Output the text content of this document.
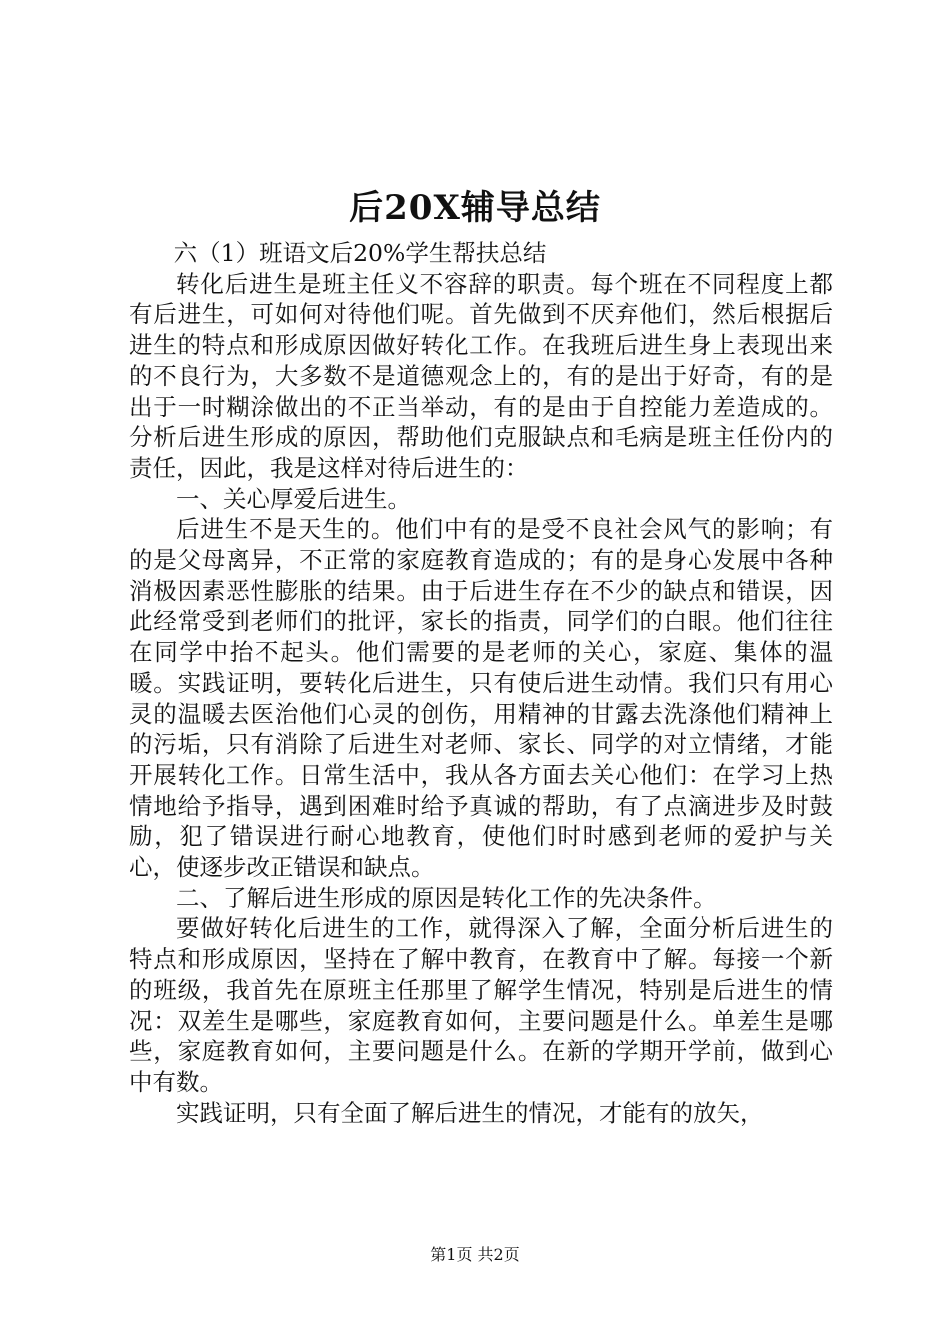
后20X辅导总结

六（1）班语文后20%学生帮扶总结

转化后进生是班主任义不容辞的职责。每个班在不同程度上都有后进生，可如何对待他们呢。首先做到不厌弃他们，然后根据后进生的特点和形成原因做好转化工作。在我班后进生身上表现出来的不良行为，大多数不是道德观念上的，有的是出于好奇，有的是出于一时糊涂做出的不正当举动，有的是由于自控能力差造成的。分析后进生形成的原因，帮助他们克服缺点和毛病是班主任份内的责任，因此，我是这样对待后进生的：

一、关心厚爱后进生。

后进生不是天生的。他们中有的是受不良社会风气的影响；有的是父母离异，不正常的家庭教育造成的；有的是身心发展中各种消极因素恶性膨胀的结果。由于后进生存在不少的缺点和错误，因此经常受到老师们的批评，家长的指责，同学们的白眼。他们往往在同学中抬不起头。他们需要的是老师的关心，家庭、集体的温暖。实践证明，要转化后进生，只有使后进生动情。我们只有用心灵的温暖去医治他们心灵的创伤，用精神的甘露去洗涤他们精神上的污垢，只有消除了后进生对老师、家长、同学的对立情绪，才能开展转化工作。日常生活中，我从各方面去关心他们：在学习上热情地给予指导，遇到困难时给予真诚的帮助，有了点滴进步及时鼓励，犯了错误进行耐心地教育，使他们时时感到老师的爱护与关心，使逐步改正错误和缺点。

二、了解后进生形成的原因是转化工作的先决条件。

要做好转化后进生的工作，就得深入了解，全面分析后进生的特点和形成原因，坚持在了解中教育，在教育中了解。每接一个新的班级，我首先在原班主任那里了解学生情况，特别是后进生的情况：双差生是哪些，家庭教育如何，主要问题是什么。单差生是哪些，家庭教育如何，主要问题是什么。在新的学期开学前，做到心中有数。

实践证明，只有全面了解后进生的情况，才能有的放矢，

第1页 共2页
